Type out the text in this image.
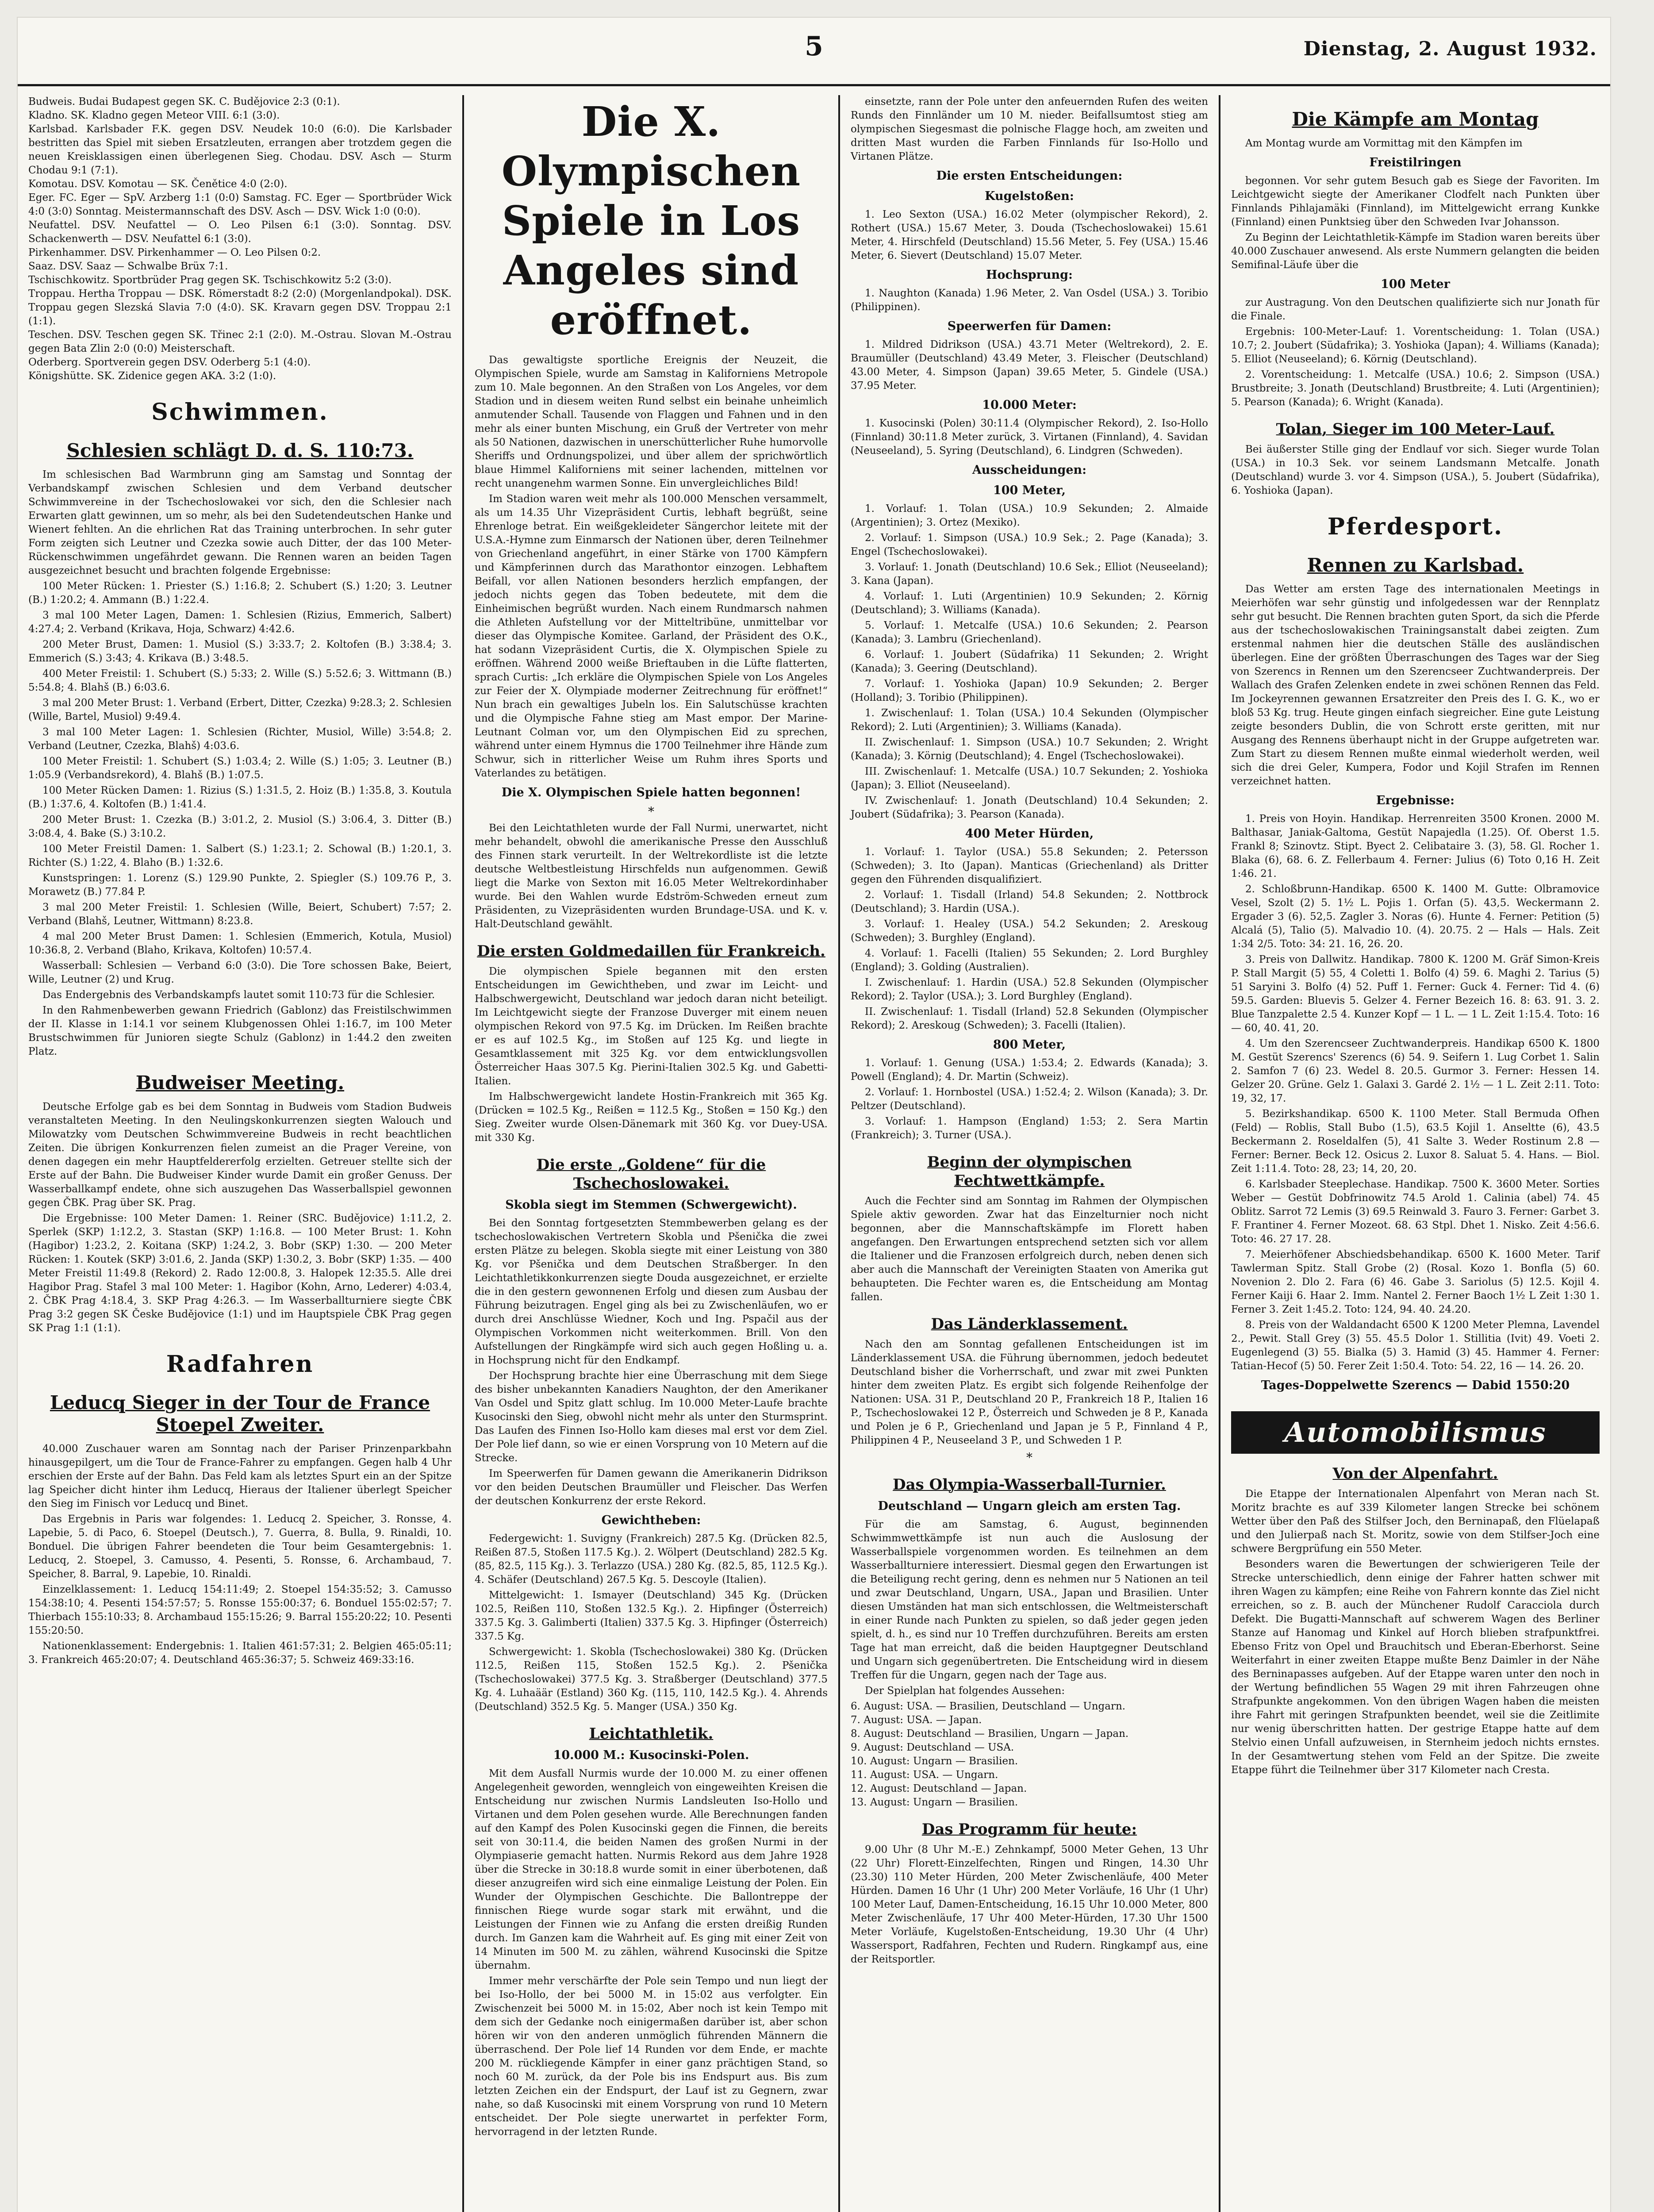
5	Dienstag, 2. August 1932.
Budweis. Budai Budapest gegen SK. C. Budějovice 2:3 (0:1).
Kladno. SK. Kladno gegen Meteor VIII. 6:1 (3:0).
Karlsbad. Karlsbader F.K. gegen DSV. Neudek 10:0 (6:0). Die Karlsbader bestritten das Spiel mit sieben Ersatzleuten, errangen aber trotzdem gegen die neuen Kreisklassigen einen überlegenen Sieg. Chodau. DSV. Asch — Sturm Chodau 9:1 (7:1).
Komotau. DSV. Komotau — SK. Čenětice 4:0 (2:0).
Eger. FC. Eger — SpV. Arzberg 1:1 (0:0) Samstag. FC. Eger — Sportbrüder Wick 4:0 (3:0) Sonntag. Meistermannschaft des DSV. Asch — DSV. Wick 1:0 (0:0).
Neufattel. DSV. Neufattel — O. Leo Pilsen 6:1 (3:0). Sonntag. DSV. Schackenwerth — DSV. Neufattel 6:1 (3:0).
Pirkenhammer. DSV. Pirkenhammer — O. Leo Pilsen 0:2.
Saaz. DSV. Saaz — Schwalbe Brüx 7:1.
Tschischkowitz. Sportbrüder Prag gegen SK. Tschischkowitz 5:2 (3:0).
Troppau. Hertha Troppau — DSK. Römerstadt 8:2 (2:0) (Morgenlandpokal). DSK. Troppau gegen Slezská Slavia 7:0 (4:0). SK. Kravarn gegen DSV. Troppau 2:1 (1:1).
Teschen. DSV. Teschen gegen SK. Třinec 2:1 (2:0). M.-Ostrau. Slovan M.-Ostrau gegen Bata Zlin 2:0 (0:0) Meisterschaft.
Oderberg. Sportverein gegen DSV. Oderberg 5:1 (4:0).
Königshütte. SK. Zidenice gegen AKA. 3:2 (1:0).
Schwimmen.
Schlesien schlägt D. d. S. 110:73.

Im schlesischen Bad Warmbrunn ging am Samstag und Sonntag der Verbandskampf zwischen Schlesien und dem Verband deutscher Schwimmvereine in der Tschechoslowakei vor sich, den die Schlesier nach Erwarten glatt gewinnen, um so mehr, als bei den Sudetendeutschen Hanke und Wienert fehlten. An die ehrlichen Rat das Training unterbrochen. In sehr guter Form zeigten sich Leutner und Czezka sowie auch Ditter, der das 100 Meter-Rückenschwimmen ungefährdet gewann. Die Rennen waren an beiden Tagen ausgezeichnet besucht und brachten folgende Ergebnisse:

100 Meter Rücken: 1. Priester (S.) 1:16.8; 2. Schubert (S.) 1:20; 3. Leutner (B.) 1:20.2; 4. Ammann (B.) 1:22.4.

3 mal 100 Meter Lagen, Damen: 1. Schlesien (Rizius, Emmerich, Salbert) 4:27.4; 2. Verband (Krikava, Hoja, Schwarz) 4:42.6.

200 Meter Brust, Damen: 1. Musiol (S.) 3:33.7; 2. Koltofen (B.) 3:38.4; 3. Emmerich (S.) 3:43; 4. Krikava (B.) 3:48.5.

400 Meter Freistil: 1. Schubert (S.) 5:33; 2. Wille (S.) 5:52.6; 3. Wittmann (B.) 5:54.8; 4. Blahš (B.) 6:03.6.

3 mal 200 Meter Brust: 1. Verband (Erbert, Ditter, Czezka) 9:28.3; 2. Schlesien (Wille, Bartel, Musiol) 9:49.4.

3 mal 100 Meter Lagen: 1. Schlesien (Richter, Musiol, Wille) 3:54.8; 2. Verband (Leutner, Czezka, Blahš) 4:03.6.

100 Meter Freistil: 1. Schubert (S.) 1:03.4; 2. Wille (S.) 1:05; 3. Leutner (B.) 1:05.9 (Verbandsrekord), 4. Blahš (B.) 1:07.5.

100 Meter Rücken Damen: 1. Rizius (S.) 1:31.5, 2. Hoiz (B.) 1:35.8, 3. Koutula (B.) 1:37.6, 4. Koltofen (B.) 1:41.4.

200 Meter Brust: 1. Czezka (B.) 3:01.2, 2. Musiol (S.) 3:06.4, 3. Ditter (B.) 3:08.4, 4. Bake (S.) 3:10.2.

100 Meter Freistil Damen: 1. Salbert (S.) 1:23.1; 2. Schowal (B.) 1:20.1, 3. Richter (S.) 1:22, 4. Blaho (B.) 1:32.6.

Kunstspringen: 1. Lorenz (S.) 129.90 Punkte, 2. Spiegler (S.) 109.76 P., 3. Morawetz (B.) 77.84 P.

3 mal 200 Meter Freistil: 1. Schlesien (Wille, Beiert, Schubert) 7:57; 2. Verband (Blahš, Leutner, Wittmann) 8:23.8.

4 mal 200 Meter Brust Damen: 1. Schlesien (Emmerich, Kotula, Musiol) 10:36.8, 2. Verband (Blaho, Krikava, Koltofen) 10:57.4.

Wasserball: Schlesien — Verband 6:0 (3:0). Die Tore schossen Bake, Beiert, Wille, Leutner (2) und Krug.

Das Endergebnis des Verbandskampfs lautet somit 110:73 für die Schlesier.

In den Rahmenbewerben gewann Friedrich (Gablonz) das Freistilschwimmen der II. Klasse in 1:14.1 vor seinem Klubgenossen Ohlei 1:16.7, im 100 Meter Brustschwimmen für Junioren siegte Schulz (Gablonz) in 1:44.2 den zweiten Platz.

Budweiser Meeting.

Deutsche Erfolge gab es bei dem Sonntag in Budweis vom Stadion Budweis veranstalteten Meeting. In den Neulingskonkurrenzen siegten Walouch und Milowatzky vom Deutschen Schwimmvereine Budweis in recht beachtlichen Zeiten. Die übrigen Konkurrenzen fielen zumeist an die Prager Vereine, von denen dagegen ein mehr Hauptfeldererfolg erzielten. Getreuer stellte sich der Erste auf der Bahn. Die Budweiser Kinder wurde Damit ein großer Genuss. Der Wasserballkampf endete, ohne sich auszugehen Das Wasserballspiel gewonnen gegen ČBK. Prag über SK. Prag.

Die Ergebnisse: 100 Meter Damen: 1. Reiner (SRC. Budějovice) 1:11.2, 2. Sperlek (SKP) 1:12.2, 3. Stastan (SKP) 1:16.8. — 100 Meter Brust: 1. Kohn (Hagibor) 1:23.2, 2. Koitana (SKP) 1:24.2, 3. Bobr (SKP) 1:30. — 200 Meter Rücken: 1. Koutek (SKP) 3:01.6, 2. Janda (SKP) 1:30.2, 3. Bobr (SKP) 1:35. — 400 Meter Freistil 11:49.8 (Rekord) 2. Rado 12:00.8, 3. Halopek 12:35.5. Alle drei Hagibor Prag. Stafel 3 mal 100 Meter: 1. Hagibor (Kohn, Arno, Lederer) 4:03.4, 2. ČBK Prag 4:18.4, 3. SKP Prag 4:26.3. — Im Wasserballturniere siegte ČBK Prag 3:2 gegen SK Česke Budějovice (1:1) und im Hauptspiele ČBK Prag gegen SK Prag 1:1 (1:1).

Radfahren
Leducq Sieger in der Tour de France Stoepel Zweiter.

40.000 Zuschauer waren am Sonntag nach der Pariser Prinzenparkbahn hinausgepilgert, um die Tour de France-Fahrer zu empfangen. Gegen halb 4 Uhr erschien der Erste auf der Bahn. Das Feld kam als letztes Spurt ein an der Spitze lag Speicher dicht hinter ihm Leducq, Hieraus der Italiener überlegt Speicher den Sieg im Finisch vor Leducq und Binet.

Das Ergebnis in Paris war folgendes: 1. Leducq 2. Speicher, 3. Ronsse, 4. Lapebie, 5. di Paco, 6. Stoepel (Deutsch.), 7. Guerra, 8. Bulla, 9. Rinaldi, 10. Bonduel. Die übrigen Fahrer beendeten die Tour beim Gesamtergebnis: 1. Leducq, 2. Stoepel, 3. Camusso, 4. Pesenti, 5. Ronsse, 6. Archambaud, 7. Speicher, 8. Barral, 9. Lapebie, 10. Rinaldi.

Einzelklassement: 1. Leducq 154:11:49; 2. Stoepel 154:35:52; 3. Camusso 154:38:10; 4. Pesenti 154:57:57; 5. Ronsse 155:00:37; 6. Bonduel 155:02:57; 7. Thierbach 155:10:33; 8. Archambaud 155:15:26; 9. Barral 155:20:22; 10. Pesenti 155:20:50.

Nationenklassement: Endergebnis: 1. Italien 461:57:31; 2. Belgien 465:05:11; 3. Frankreich 465:20:07; 4. Deutschland 465:36:37; 5. Schweiz 469:33:16.

Die X. Olympischen Spiele in Los Angeles sind eröffnet.

Das gewaltigste sportliche Ereignis der Neuzeit, die Olympischen Spiele, wurde am Samstag in Kaliforniens Metropole zum 10. Male begonnen. An den Straßen von Los Angeles, vor dem Stadion und in diesem weiten Rund selbst ein beinahe unheimlich anmutender Schall. Tausende von Flaggen und Fahnen und in den mehr als einer bunten Mischung, ein Gruß der Vertreter von mehr als 50 Nationen, dazwischen in unerschütterlicher Ruhe humorvolle Sheriffs und Ordnungspolizei, und über allem der sprichwörtlich blaue Himmel Kaliforniens mit seiner lachenden, mittelnen vor recht unangenehm warmen Sonne. Ein unvergleichliches Bild!

Im Stadion waren weit mehr als 100.000 Menschen versammelt, als um 14.35 Uhr Vizepräsident Curtis, lebhaft begrüßt, seine Ehrenloge betrat. Ein weißgekleideter Sängerchor leitete mit der U.S.A.-Hymne zum Einmarsch der Nationen über, deren Teilnehmer von Griechenland angeführt, in einer Stärke von 1700 Kämpfern und Kämpferinnen durch das Marathontor einzogen. Lebhaftem Beifall, vor allen Nationen besonders herzlich empfangen, der jedoch nichts gegen das Toben bedeutete, mit dem die Einheimischen begrüßt wurden. Nach einem Rundmarsch nahmen die Athleten Aufstellung vor der Mitteltribüne, unmittelbar vor dieser das Olympische Komitee. Garland, der Präsident des O.K., hat sodann Vizepräsident Curtis, die X. Olympischen Spiele zu eröffnen. Während 2000 weiße Brieftauben in die Lüfte flatterten, sprach Curtis: „Ich erkläre die Olympischen Spiele von Los Angeles zur Feier der X. Olympiade moderner Zeitrechnung für eröffnet!“ Nun brach ein gewaltiges Jubeln los. Ein Salutschüsse krachten und die Olympische Fahne stieg am Mast empor. Der Marine-Leutnant Colman vor, um den Olympischen Eid zu sprechen, während unter einem Hymnus die 1700 Teilnehmer ihre Hände zum Schwur, sich in ritterlicher Weise um Ruhm ihres Sports und Vaterlandes zu betätigen.

Die X. Olympischen Spiele hatten begonnen!
*

Bei den Leichtathleten wurde der Fall Nurmi, unerwartet, nicht mehr behandelt, obwohl die amerikanische Presse den Ausschluß des Finnen stark verurteilt. In der Weltrekordliste ist die letzte deutsche Weltbestleistung Hirschfelds nun aufgenommen. Gewiß liegt die Marke von Sexton mit 16.05 Meter Weltrekordinhaber wurde. Bei den Wahlen wurde Edström-Schweden erneut zum Präsidenten, zu Vizepräsidenten wurden Brundage-USA. und K. v. Halt-Deutschland gewählt.

Die ersten Goldmedaillen für Frankreich.

Die olympischen Spiele begannen mit den ersten Entscheidungen im Gewichtheben, und zwar im Leicht- und Halbschwergewicht, Deutschland war jedoch daran nicht beteiligt. Im Leichtgewicht siegte der Franzose Duverger mit einem neuen olympischen Rekord von 97.5 Kg. im Drücken. Im Reißen brachte er es auf 102.5 Kg., im Stoßen auf 125 Kg. und liegte in Gesamtklassement mit 325 Kg. vor dem entwicklungsvollen Österreicher Haas 307.5 Kg. Pierini-Italien 302.5 Kg. und Gabetti-Italien.

Im Halbschwergewicht landete Hostin-Frankreich mit 365 Kg. (Drücken = 102.5 Kg., Reißen = 112.5 Kg., Stoßen = 150 Kg.) den Sieg. Zweiter wurde Olsen-Dänemark mit 360 Kg. vor Duey-USA. mit 330 Kg.

Die erste „Goldene“ für die Tschechoslowakei.
Skobla siegt im Stemmen (Schwergewicht).

Bei den Sonntag fortgesetzten Stemmbewerben gelang es der tschechoslowakischen Vertretern Skobla und Pšenička die zwei ersten Plätze zu belegen. Skobla siegte mit einer Leistung von 380 Kg. vor Pšenička und dem Deutschen Straßberger. In den Leichtathletikkonkurrenzen siegte Douda ausgezeichnet, er erzielte die in den gestern gewonnenen Erfolg und diesen zum Ausbau der Führung beizutragen. Engel ging als bei zu Zwischenläufen, wo er durch drei Anschlüsse Wiedner, Koch und Ing. Pspačil aus der Olympischen Vorkommen nicht weiterkommen. Brill. Von den Aufstellungen der Ringkämpfe wird sich auch gegen Hoßling u. a. in Hochsprung nicht für den Endkampf.

Der Hochsprung brachte hier eine Überraschung mit dem Siege des bisher unbekannten Kanadiers Naughton, der den Amerikaner Van Osdel und Spitz glatt schlug. Im 10.000 Meter-Laufe brachte Kusocinski den Sieg, obwohl nicht mehr als unter den Sturmsprint. Das Laufen des Finnen Iso-Hollo kam dieses mal erst vor dem Ziel. Der Pole lief dann, so wie er einen Vorsprung von 10 Metern auf die Strecke.

Im Speerwerfen für Damen gewann die Amerikanerin Didrikson vor den beiden Deutschen Braumüller und Fleischer. Das Werfen der deutschen Konkurrenz der erste Rekord.

Gewichtheben:

Federgewicht: 1. Suvigny (Frankreich) 287.5 Kg. (Drücken 82.5, Reißen 87.5, Stoßen 117.5 Kg.). 2. Wölpert (Deutschland) 282.5 Kg. (85, 82.5, 115 Kg.). 3. Terlazzo (USA.) 280 Kg. (82.5, 85, 112.5 Kg.). 4. Schäfer (Deutschland) 267.5 Kg. 5. Descoyle (Italien).

Mittelgewicht: 1. Ismayer (Deutschland) 345 Kg. (Drücken 102.5, Reißen 110, Stoßen 132.5 Kg.). 2. Hipfinger (Österreich) 337.5 Kg. 3. Galimberti (Italien) 337.5 Kg. 3. Hipfinger (Österreich) 337.5 Kg.

Schwergewicht: 1. Skobla (Tschechoslowakei) 380 Kg. (Drücken 112.5, Reißen 115, Stoßen 152.5 Kg.). 2. Pšenička (Tschechoslowakei) 377.5 Kg. 3. Straßberger (Deutschland) 377.5 Kg. 4. Luhaäär (Estland) 360 Kg. (115, 110, 142.5 Kg.). 4. Ahrends (Deutschland) 352.5 Kg. 5. Manger (USA.) 350 Kg.

Leichtathletik.
10.000 M.: Kusocinski-Polen.

Mit dem Ausfall Nurmis wurde der 10.000 M. zu einer offenen Angelegenheit geworden, wenngleich von eingeweihten Kreisen die Entscheidung nur zwischen Nurmis Landsleuten Iso-Hollo und Virtanen und dem Polen gesehen wurde. Alle Berechnungen fanden auf den Kampf des Polen Kusocinski gegen die Finnen, die bereits seit von 30:11.4, die beiden Namen des großen Nurmi in der Olympiaserie gemacht hatten. Nurmis Rekord aus dem Jahre 1928 über die Strecke in 30:18.8 wurde somit in einer überbotenen, daß dieser anzugreifen wird sich eine einmalige Leistung der Polen. Ein Wunder der Olympischen Geschichte. Die Ballontreppe der finnischen Riege wurde sogar stark mit erwähnt, und die Leistungen der Finnen wie zu Anfang die ersten dreißig Runden durch. Im Ganzen kam die Wahrheit auf. Es ging mit einer Zeit von 14 Minuten im 500 M. zu zählen, während Kusocinski die Spitze übernahm.

Immer mehr verschärfte der Pole sein Tempo und nun liegt der bei Iso-Hollo, der bei 5000 M. in 15:02 aus verfolgter. Ein Zwischenzeit bei 5000 M. in 15:02, Aber noch ist kein Tempo mit dem sich der Gedanke noch einigermaßen darüber ist, aber schon hören wir von den anderen unmöglich führenden Männern die überraschend. Der Pole lief 14 Runden vor dem Ende, er machte 200 M. rückliegende Kämpfer in einer ganz prächtigen Stand, so noch 60 M. zurück, da der Pole bis ins Endspurt aus. Bis zum letzten Zeichen ein der Endspurt, der Lauf ist zu Gegnern, zwar nahe, so daß Kusocinski mit einem Vorsprung von rund 10 Metern entscheidet. Der Pole siegte unerwartet in perfekter Form, hervorragend in der letzten Runde.

einsetzte, rann der Pole unter den anfeuernden Rufen des weiten Runds den Finnländer um 10 M. nieder. Beifallsumtost stieg am olympischen Siegesmast die polnische Flagge hoch, am zweiten und dritten Mast wurden die Farben Finnlands für Iso-Hollo und Virtanen Plätze.

Die ersten Entscheidungen:
Kugelstoßen:

1. Leo Sexton (USA.) 16.02 Meter (olympischer Rekord), 2. Rothert (USA.) 15.67 Meter, 3. Douda (Tschechoslowakei) 15.61 Meter, 4. Hirschfeld (Deutschland) 15.56 Meter, 5. Fey (USA.) 15.46 Meter, 6. Sievert (Deutschland) 15.07 Meter.

Hochsprung:

1. Naughton (Kanada) 1.96 Meter, 2. Van Osdel (USA.) 3. Toribio (Philippinen).

Speerwerfen für Damen:

1. Mildred Didrikson (USA.) 43.71 Meter (Weltrekord), 2. E. Braumüller (Deutschland) 43.49 Meter, 3. Fleischer (Deutschland) 43.00 Meter, 4. Simpson (Japan) 39.65 Meter, 5. Gindele (USA.) 37.95 Meter.

10.000 Meter:

1. Kusocinski (Polen) 30:11.4 (Olympischer Rekord), 2. Iso-Hollo (Finnland) 30:11.8 Meter zurück, 3. Virtanen (Finnland), 4. Savidan (Neuseeland), 5. Syring (Deutschland), 6. Lindgren (Schweden).

Ausscheidungen:
100 Meter,

1. Vorlauf: 1. Tolan (USA.) 10.9 Sekunden; 2. Almaide (Argentinien); 3. Ortez (Mexiko).

2. Vorlauf: 1. Simpson (USA.) 10.9 Sek.; 2. Page (Kanada); 3. Engel (Tschechoslowakei).

3. Vorlauf: 1. Jonath (Deutschland) 10.6 Sek.; Elliot (Neuseeland); 3. Kana (Japan).

4. Vorlauf: 1. Luti (Argentinien) 10.9 Sekunden; 2. Körnig (Deutschland); 3. Williams (Kanada).

5. Vorlauf: 1. Metcalfe (USA.) 10.6 Sekunden; 2. Pearson (Kanada); 3. Lambru (Griechenland).

6. Vorlauf: 1. Joubert (Südafrika) 11 Sekunden; 2. Wright (Kanada); 3. Geering (Deutschland).

7. Vorlauf: 1. Yoshioka (Japan) 10.9 Sekunden; 2. Berger (Holland); 3. Toribio (Philippinen).

1. Zwischenlauf: 1. Tolan (USA.) 10.4 Sekunden (Olympischer Rekord); 2. Luti (Argentinien); 3. Williams (Kanada).

II. Zwischenlauf: 1. Simpson (USA.) 10.7 Sekunden; 2. Wright (Kanada); 3. Körnig (Deutschland); 4. Engel (Tschechoslowakei).

III. Zwischenlauf: 1. Metcalfe (USA.) 10.7 Sekunden; 2. Yoshioka (Japan); 3. Elliot (Neuseeland).

IV. Zwischenlauf: 1. Jonath (Deutschland) 10.4 Sekunden; 2. Joubert (Südafrika); 3. Pearson (Kanada).

400 Meter Hürden,

1. Vorlauf: 1. Taylor (USA.) 55.8 Sekunden; 2. Petersson (Schweden); 3. Ito (Japan). Manticas (Griechenland) als Dritter gegen den Führenden disqualifiziert.

2. Vorlauf: 1. Tisdall (Irland) 54.8 Sekunden; 2. Nottbrock (Deutschland); 3. Hardin (USA.).

3. Vorlauf: 1. Healey (USA.) 54.2 Sekunden; 2. Areskoug (Schweden); 3. Burghley (England).

4. Vorlauf: 1. Facelli (Italien) 55 Sekunden; 2. Lord Burghley (England); 3. Golding (Australien).

I. Zwischenlauf: 1. Hardin (USA.) 52.8 Sekunden (Olympischer Rekord); 2. Taylor (USA.); 3. Lord Burghley (England).

II. Zwischenlauf: 1. Tisdall (Irland) 52.8 Sekunden (Olympischer Rekord); 2. Areskoug (Schweden); 3. Facelli (Italien).

800 Meter,

1. Vorlauf: 1. Genung (USA.) 1:53.4; 2. Edwards (Kanada); 3. Powell (England); 4. Dr. Martin (Schweiz).

2. Vorlauf: 1. Hornbostel (USA.) 1:52.4; 2. Wilson (Kanada); 3. Dr. Peltzer (Deutschland).

3. Vorlauf: 1. Hampson (England) 1:53; 2. Sera Martin (Frankreich); 3. Turner (USA.).

Beginn der olympischen Fechtwettkämpfe.

Auch die Fechter sind am Sonntag im Rahmen der Olympischen Spiele aktiv geworden. Zwar hat das Einzelturnier noch nicht begonnen, aber die Mannschaftskämpfe im Florett haben angefangen. Den Erwartungen entsprechend setzten sich vor allem die Italiener und die Franzosen erfolgreich durch, neben denen sich aber auch die Mannschaft der Vereinigten Staaten von Amerika gut behaupteten. Die Fechter waren es, die Entscheidung am Montag fallen.

Das Länderklassement.

Nach den am Sonntag gefallenen Entscheidungen ist im Länderklassement USA. die Führung übernommen, jedoch bedeutet Deutschland bisher die Vorherrschaft, und zwar mit zwei Punkten hinter dem zweiten Platz. Es ergibt sich folgende Reihenfolge der Nationen: USA. 31 P., Deutschland 20 P., Frankreich 18 P., Italien 16 P., Tschechoslowakei 12 P., Österreich und Schweden je 8 P., Kanada und Polen je 6 P., Griechenland und Japan je 5 P., Finnland 4 P., Philippinen 4 P., Neuseeland 3 P., und Schweden 1 P.

*
Das Olympia-Wasserball-Turnier.
Deutschland — Ungarn gleich am ersten Tag.

Für die am Samstag, 6. August, beginnenden Schwimmwettkämpfe ist nun auch die Auslosung der Wasserballspiele vorgenommen worden. Es teilnehmen an dem Wasserballturniere interessiert. Diesmal gegen den Erwartungen ist die Beteiligung recht gering, denn es nehmen nur 5 Nationen an teil und zwar Deutschland, Ungarn, USA., Japan und Brasilien. Unter diesen Umständen hat man sich entschlossen, die Weltmeisterschaft in einer Runde nach Punkten zu spielen, so daß jeder gegen jeden spielt, d. h., es sind nur 10 Treffen durchzuführen. Bereits am ersten Tage hat man erreicht, daß die beiden Hauptgegner Deutschland und Ungarn sich gegenübertreten. Die Entscheidung wird in diesem Treffen für die Ungarn, gegen nach der Tage aus.

Der Spielplan hat folgendes Aussehen:

6. August: USA. — Brasilien, Deutschland — Ungarn.
7. August: USA. — Japan.
8. August: Deutschland — Brasilien, Ungarn — Japan.
9. August: Deutschland — USA.
10. August: Ungarn — Brasilien.
11. August: USA. — Ungarn.
12. August: Deutschland — Japan.
13. August: Ungarn — Brasilien.
Das Programm für heute:

9.00 Uhr (8 Uhr M.-E.) Zehnkampf, 5000 Meter Gehen, 13 Uhr (22 Uhr) Florett-Einzelfechten, Ringen und Ringen, 14.30 Uhr (23.30) 110 Meter Hürden, 200 Meter Zwischenläufe, 400 Meter Hürden. Damen 16 Uhr (1 Uhr) 200 Meter Vorläufe, 16 Uhr (1 Uhr) 100 Meter Lauf, Damen-Entscheidung, 16.15 Uhr 10.000 Meter, 800 Meter Zwischenläufe, 17 Uhr 400 Meter-Hürden, 17.30 Uhr 1500 Meter Vorläufe, Kugelstoßen-Entscheidung, 19.30 Uhr (4 Uhr) Wassersport, Radfahren, Fechten und Rudern. Ringkampf aus, eine der Reitsportler.

Die Kämpfe am Montag

Am Montag wurde am Vormittag mit den Kämpfen im

Freistilringen

begonnen. Vor sehr gutem Besuch gab es Siege der Favoriten. Im Leichtgewicht siegte der Amerikaner Clodfelt nach Punkten über Finnlands Pihlajamäki (Finnland), im Mittelgewicht errang Kunkke (Finnland) einen Punktsieg über den Schweden Ivar Johansson.

Zu Beginn der Leichtathletik-Kämpfe im Stadion waren bereits über 40.000 Zuschauer anwesend. Als erste Nummern gelangten die beiden Semifinal-Läufe über die

100 Meter

zur Austragung. Von den Deutschen qualifizierte sich nur Jonath für die Finale.

Ergebnis: 100-Meter-Lauf: 1. Vorentscheidung: 1. Tolan (USA.) 10.7; 2. Joubert (Südafrika); 3. Yoshioka (Japan); 4. Williams (Kanada); 5. Elliot (Neuseeland); 6. Körnig (Deutschland).

2. Vorentscheidung: 1. Metcalfe (USA.) 10.6; 2. Simpson (USA.) Brustbreite; 3. Jonath (Deutschland) Brustbreite; 4. Luti (Argentinien); 5. Pearson (Kanada); 6. Wright (Kanada).

Tolan, Sieger im 100 Meter-Lauf.

Bei äußerster Stille ging der Endlauf vor sich. Sieger wurde Tolan (USA.) in 10.3 Sek. vor seinem Landsmann Metcalfe. Jonath (Deutschland) wurde 3. vor 4. Simpson (USA.), 5. Joubert (Südafrika), 6. Yoshioka (Japan).

Pferdesport.
Rennen zu Karlsbad.

Das Wetter am ersten Tage des internationalen Meetings in Meierhöfen war sehr günstig und infolgedessen war der Rennplatz sehr gut besucht. Die Rennen brachten guten Sport, da sich die Pferde aus der tschechoslowakischen Trainingsanstalt dabei zeigten. Zum erstenmal nahmen hier die deutschen Ställe des ausländischen überlegen. Eine der größten Überraschungen des Tages war der Sieg von Szerencs in Rennen um den Szerencseer Zuchtwanderpreis. Der Wallach des Grafen Zelenken endete in zwei schönen Rennen das Feld. Im Jockeyrennen gewannen Ersatzreiter den Preis des I. G. K., wo er bloß 53 Kg. trug. Heute gingen einfach siegreicher. Eine gute Leistung zeigte besonders Dublin, die von Schrott erste geritten, mit nur Ausgang des Rennens überhaupt nicht in der Gruppe aufgetreten war. Zum Start zu diesem Rennen mußte einmal wiederholt werden, weil sich die drei Geler, Kumpera, Fodor und Kojil Strafen im Rennen verzeichnet hatten.

Ergebnisse:

1. Preis von Hoyin. Handikap. Herrenreiten 3500 Kronen. 2000 M. Balthasar, Janiak-Galtoma, Gestüt Napajedla (1.25). Of. Oberst 1.5. Frankl 8; Szinovtz. Stipt. Byect 2. Celibataire 3. (3), 58. Gl. Rocher 1. Blaka (6), 68. 6. Z. Fellerbaum 4. Ferner: Julius (6) Toto 0,16 H. Zeit 1:46. 21.

2. Schloßbrunn-Handikap. 6500 K. 1400 M. Gutte: Olbramovice Vesel, Szolt (2) 5. 1½ L. Pojis 1. Orfan (5). 43,5. Weckermann 2. Ergader 3 (6). 52,5. Zagler 3. Noras (6). Hunte 4. Ferner: Petition (5) Alcalá (5), Talio (5). Malvadio 10. (4). 20.75. 2 — Hals — Hals. Zeit 1:34 2/5. Toto: 34: 21. 16, 26. 20.

3. Preis von Dallwitz. Handikap. 7800 K. 1200 M. Gräf Simon-Kreis P. Stall Margit (5) 55, 4 Coletti 1. Bolfo (4) 59. 6. Maghi 2. Tarius (5) 51 Saryini 3. Bolfo (4) 52. Puff 1. Ferner: Guck 4. Ferner: Tid 4. (6) 59.5. Garden: Bluevis 5. Gelzer 4. Ferner Bezeich 16. 8: 63. 91. 3. 2. Blue Tanzpalette 2.5 4. Kunzer Kopf — 1 L. — 1 L. Zeit 1:15.4. Toto: 16 — 60, 40. 41, 20.

4. Um den Szerencseer Zuchtwanderpreis. Handikap 6500 K. 1800 M. Gestüt Szerencs' Szerencs (6) 54. 9. Seifern 1. Lug Corbet 1. Salin 2. Samfon 7 (6) 23. Wedel 8. 20.5. Gurmor 3. Ferner: Hessen 14. Gelzer 20. Grüne. Gelz 1. Galaxi 3. Gardé 2. 1½ — 1 L. Zeit 2:11. Toto: 19, 32, 17.

5. Bezirkshandikap. 6500 K. 1100 Meter. Stall Bermuda Ofhen (Feld) — Roblis, Stall Bubo (1.5), 63.5 Kojil 1. Anseltte (6), 43.5 Beckermann 2. Roseldalfen (5), 41 Salte 3. Weder Rostinum 2.8 — Ferner: Berner. Beck 12. Osicus 2. Luxor 8. Saluat 5. 4. Hans. — Biol. Zeit 1:11.4. Toto: 28, 23; 14, 20, 20.

6. Karlsbader Steeplechase. Handikap. 7500 K. 3600 Meter. Sorties Weber — Gestüt Dobfrinowitz 74.5 Arold 1. Calinia (abel) 74. 45 Oblitz. Sarrot 72 Lemis (3) 69.5 Reinwald 3. Fauro 3. Ferner: Garbet 3. F. Frantiner 4. Ferner Mozeot. 68. 63 Stpl. Dhet 1. Nisko. Zeit 4:56.6. Toto: 46. 27 17. 28.

7. Meierhöfener Abschiedsbehandikap. 6500 K. 1600 Meter. Tarif Tawlerman Spitz. Stall Grobe (2) (Rosal. Kozo 1. Bonfla (5) 60. Novenion 2. Dlo 2. Fara (6) 46. Gabe 3. Sariolus (5) 12.5. Kojil 4. Ferner Kaiji 6. Haar 2. Imm. Nantel 2. Ferner Baoch 1½ L Zeit 1:30 1. Ferner 3. Zeit 1:45.2. Toto: 124, 94. 40. 24.20.

8. Preis von der Waldandacht 6500 K 1200 Meter Plemna, Lavendel 2., Pewit. Stall Grey (3) 55. 45.5 Dolor 1. Stillitia (Ivit) 49. Voeti 2. Eugenlegend (3) 55. Bialka (5) 3. Hamid (3) 45. Hammer 4. Ferner: Tatian-Hecof (5) 50. Ferer Zeit 1:50.4. Toto: 54. 22, 16 — 14. 26. 20.

Tages-Doppelwette Szerencs — Dabid 1550:20
Automobilismus
Von der Alpenfahrt.

Die Etappe der Internationalen Alpenfahrt von Meran nach St. Moritz brachte es auf 339 Kilometer langen Strecke bei schönem Wetter über den Paß des Stilfser Joch, den Berninapaß, den Flüelapaß und den Julierpaß nach St. Moritz, sowie von dem Stilfser-Joch eine schwere Bergprüfung ein 550 Meter.

Besonders waren die Bewertungen der schwierigeren Teile der Strecke unterschiedlich, denn einige der Fahrer hatten schwer mit ihren Wagen zu kämpfen; eine Reihe von Fahrern konnte das Ziel nicht erreichen, so z. B. auch der Münchener Rudolf Caracciola durch Defekt. Die Bugatti-Mannschaft auf schwerem Wagen des Berliner Stanze auf Hanomag und Kinkel auf Horch blieben strafpunktfrei. Ebenso Fritz von Opel und Brauchitsch und Eberan-Eberhorst. Seine Weiterfahrt in einer zweiten Etappe mußte Benz Daimler in der Nähe des Berninapasses aufgeben. Auf der Etappe waren unter den noch in der Wertung befindlichen 55 Wagen 29 mit ihren Fahrzeugen ohne Strafpunkte angekommen. Von den übrigen Wagen haben die meisten ihre Fahrt mit geringen Strafpunkten beendet, weil sie die Zeitlimite nur wenig überschritten hatten. Der gestrige Etappe hatte auf dem Stelvio einen Unfall aufzuweisen, in Sternheim jedoch nichts ernstes. In der Gesamtwertung stehen vom Feld an der Spitze. Die zweite Etappe führt die Teilnehmer über 317 Kilometer nach Cresta.
